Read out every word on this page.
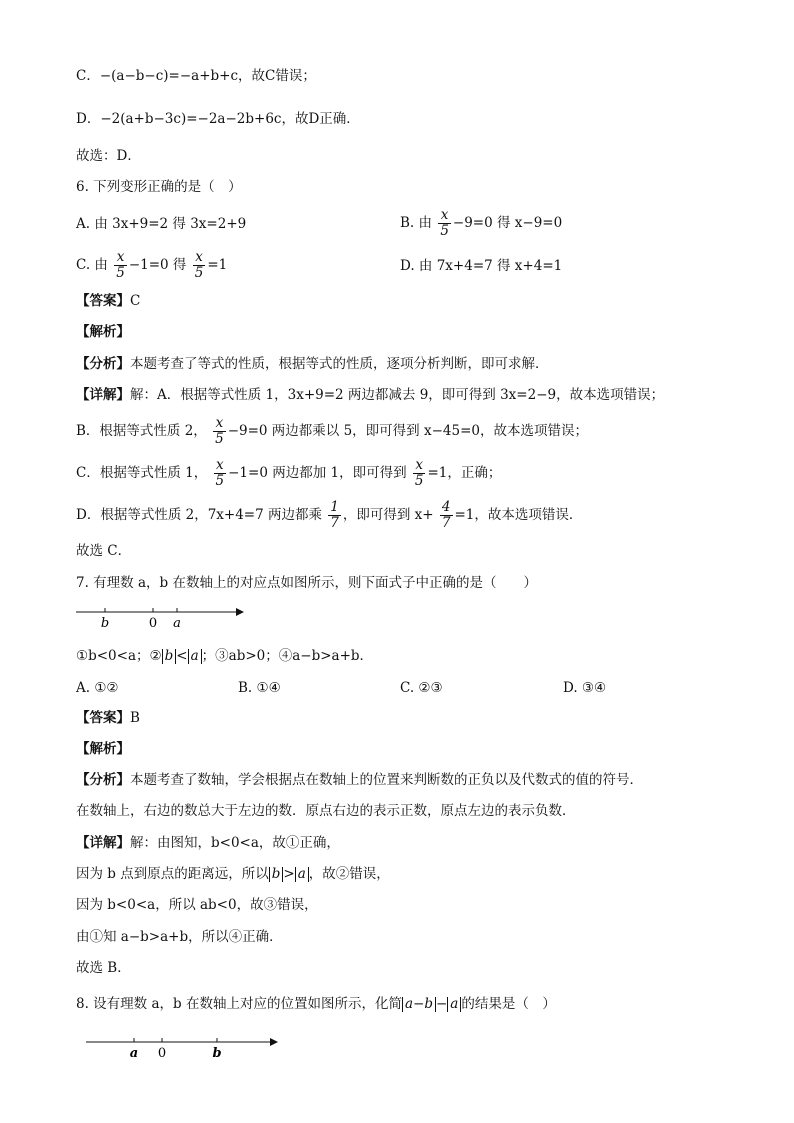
C．−(a−b−c)=−a+b+c，故C错误；
D．−2(a+b−3c)=−2a−2b+6c，故D正确．
故选：D．
6. 下列变形正确的是（　）
A. 由 3x+9=2 得 3x=2+9	B. 由 $\frac{x}{5} -9=0$ 得 x−9=0
C. 由 $\frac{x}{5} -1=0$ 得 $\frac{x}{5} =1$	D. 由 7x+4=7 得 x+4=1
【答案】C
【解析】
【分析】本题考查了等式的性质，根据等式的性质，逐项分析判断，即可求解．
【详解】解：A．根据等式性质 1，3x+9=2 两边都减去 9，即可得到 3x=2−9，故本选项错误；
B．根据等式性质 2， $\frac{x}{5} -9=0$ 两边都乘以 5，即可得到 x−45=0，故本选项错误；
C．根据等式性质 1， $\frac{x}{5} -1=0$ 两边都加 1，即可得到 $\frac{x}{5} =1$，正确；
D．根据等式性质 2，7x+4=7 两边都乘 $\frac{1}{7}$ ，即可得到 $x+ \frac{4}{7} =1$，故本选项错误．
故选 C．
7. 有理数 a，b 在数轴上的对应点如图所示，则下面式子中正确的是（　　）
b	0 a
①b<0<a；② b < a ；③ab>0；④a−b>a+b．
A. ①②	B. ①④	C. ②③	D. ③④
【答案】B
【解析】
【分析】本题考查了数轴，学会根据点在数轴上的位置来判断数的正负以及代数式的值的符号．
在数轴上，右边的数总大于左边的数．原点右边的表示正数，原点左边的表示负数．
【详解】解：由图知，b<0<a，故①正确，
因为 b 点到原点的距离远，所以 b > a ，故②错误，
因为 b<0<a，所以 ab<0，故③错误，
由①知 a−b>a+b，所以④正确．
故选 B．
8. 设有理数 a，b 在数轴上对应的位置如图所示，化简 a−b − a 的结果是（　）
a 0	b
